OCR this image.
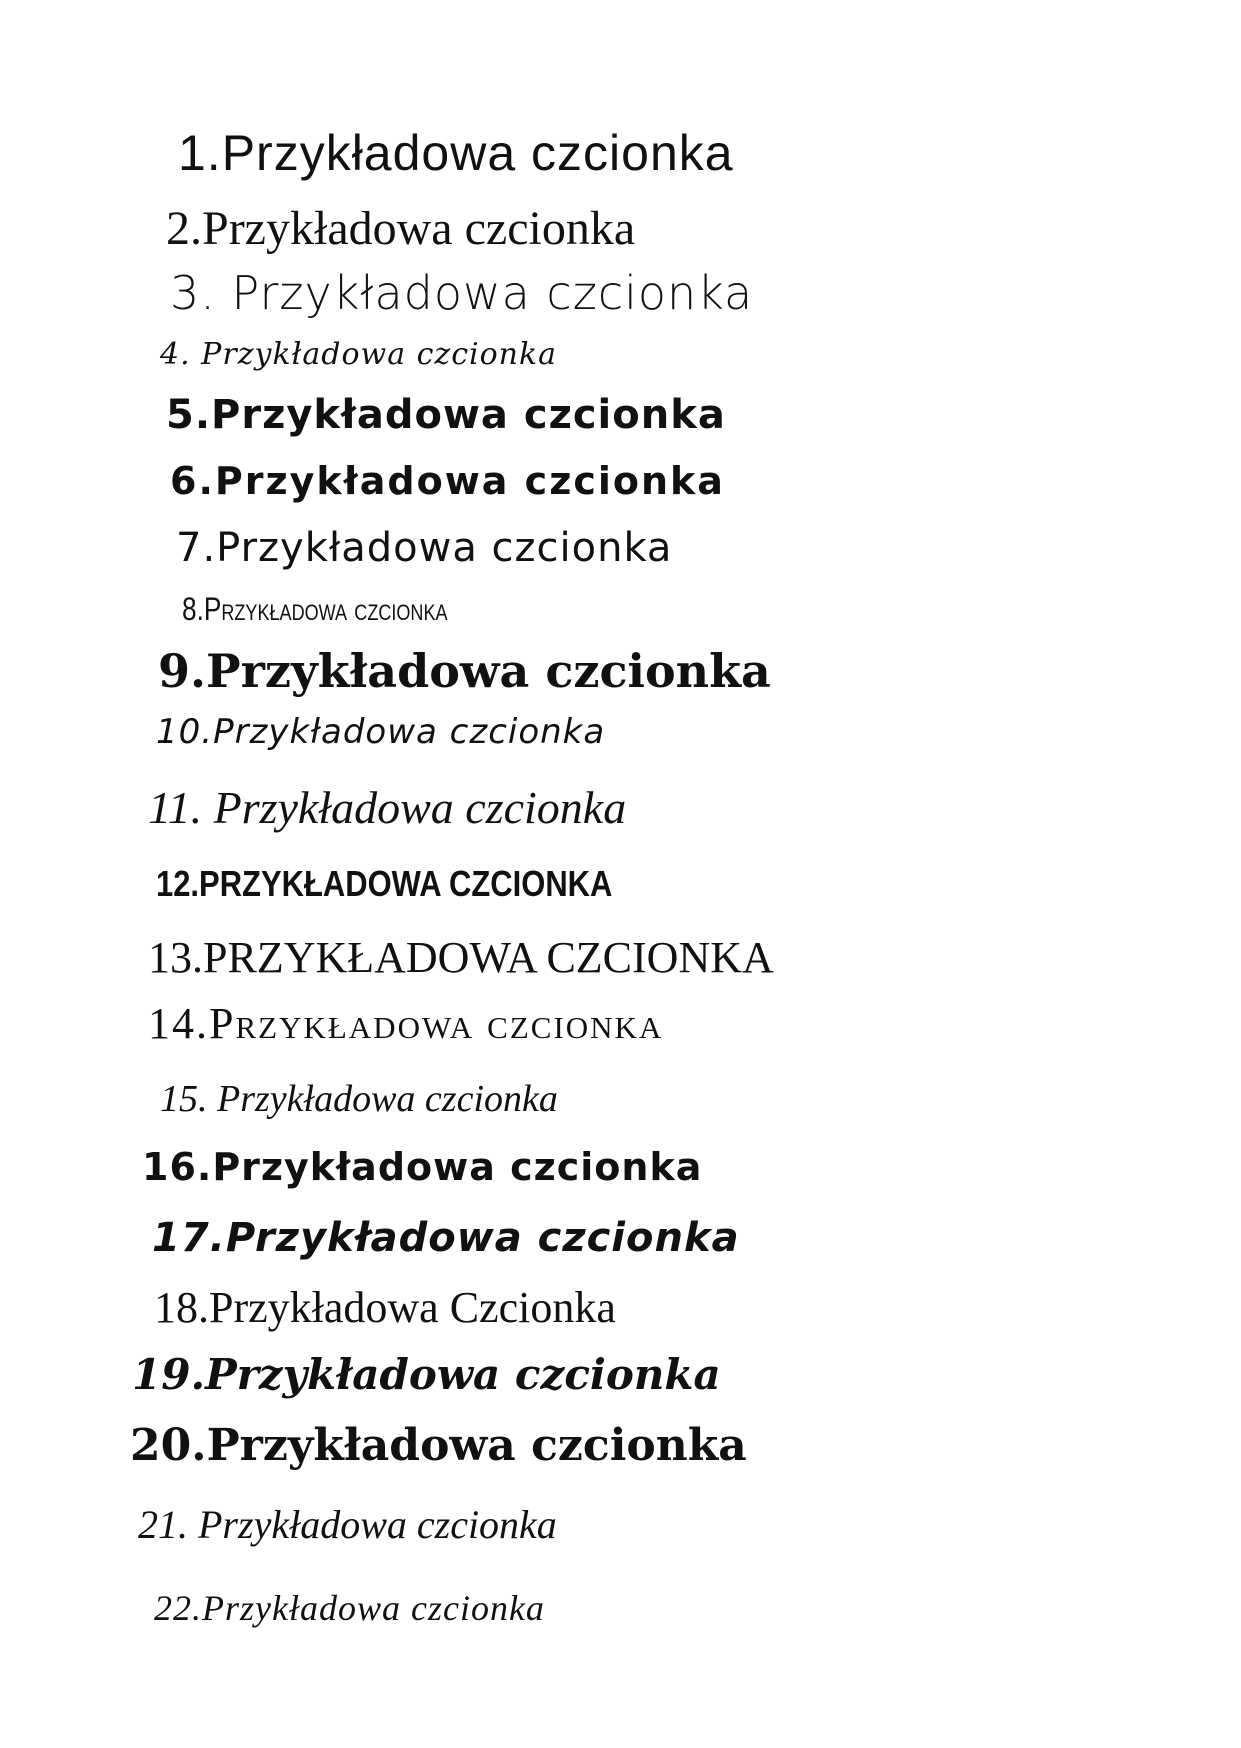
1.Przykładowa czcionka
2.Przykładowa czcionka
3. Przykładowa czcionka
4. Przykładowa czcionka
5.Przykładowa czcionka
6.Przykładowa czcionka
7.Przykładowa czcionka
8.Przykładowa czcionka
9.Przykładowa czcionka
10.Przykładowa czcionka
11. Przykładowa czcionka
12.PRZYKŁADOWA CZCIONKA
13.PRZYKŁADOWA CZCIONKA
14.Przykładowa czcionka
15. Przykładowa czcionka
16.Przykładowa czcionka
17.Przykładowa czcionka
18.Przykładowa Czcionka
19.Przykładowa czcionka
20.Przykładowa czcionka
21. Przykładowa czcionka
22.Przykładowa czcionka
